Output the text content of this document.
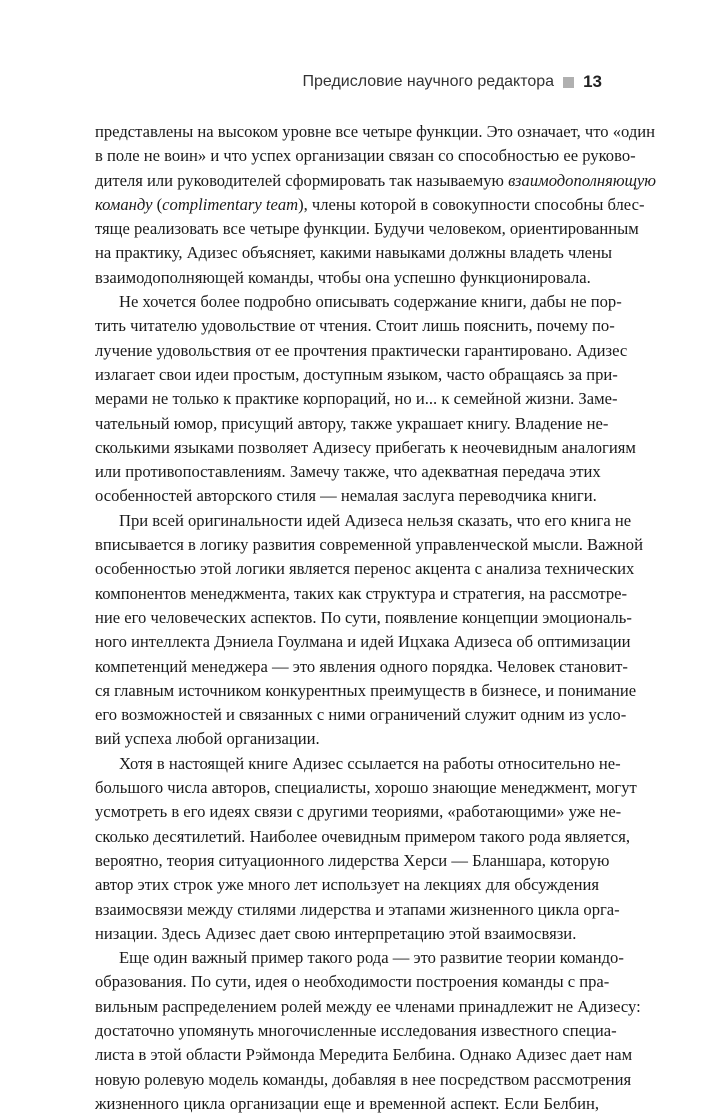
Предисловие научного редактора 13
представлены на высоком уровне все четыре функции. Это означает, что «один
в поле не воин» и что успех организации связан со способностью ее руково-
дителя или руководителей сформировать так называемую взаимодополняющую
команду (complimentary team), члены которой в совокупности способны блес-
тяще реализовать все четыре функции. Будучи человеком, ориентированным
на практику, Адизес объясняет, какими навыками должны владеть члены
взаимодополняющей команды, чтобы она успешно функционировала.
Не хочется более подробно описывать содержание книги, дабы не пор-
тить читателю удовольствие от чтения. Стоит лишь пояснить, почему по-
лучение удовольствия от ее прочтения практически гарантировано. Адизес
излагает свои идеи простым, доступным языком, часто обращаясь за при-
мерами не только к практике корпораций, но и... к семейной жизни. Заме-
чательный юмор, присущий автору, также украшает книгу. Владение не-
сколькими языками позволяет Адизесу прибегать к неочевидным аналогиям
или противопоставлениям. Замечу также, что адекватная передача этих
особенностей авторского стиля — немалая заслуга переводчика книги.
При всей оригинальности идей Адизеса нельзя сказать, что его книга не
вписывается в логику развития современной управленческой мысли. Важной
особенностью этой логики является перенос акцента с анализа технических
компонентов менеджмента, таких как структура и стратегия, на рассмотре-
ние его человеческих аспектов. По сути, появление концепции эмоциональ-
ного интеллекта Дэниела Гоулмана и идей Ицхака Адизеса об оптимизации
компетенций менеджера — это явления одного порядка. Человек становит-
ся главным источником конкурентных преимуществ в бизнесе, и понимание
его возможностей и связанных с ними ограничений служит одним из усло-
вий успеха любой организации.
Хотя в настоящей книге Адизес ссылается на работы относительно не-
большого числа авторов, специалисты, хорошо знающие менеджмент, могут
усмотреть в его идеях связи с другими теориями, «работающими» уже не-
сколько десятилетий. Наиболее очевидным примером такого рода является,
вероятно, теория ситуационного лидерства Херси — Бланшара, которую
автор этих строк уже много лет использует на лекциях для обсуждения
взаимосвязи между стилями лидерства и этапами жизненного цикла орга-
низации. Здесь Адизес дает свою интерпретацию этой взаимосвязи.
Еще один важный пример такого рода — это развитие теории командо-
образования. По сути, идея о необходимости построения команды с пра-
вильным распределением ролей между ее членами принадлежит не Адизесу:
достаточно упомянуть многочисленные исследования известного специа-
листа в этой области Рэймонда Мередита Белбина. Однако Адизес дает нам
новую ролевую модель команды, добавляя в нее посредством рассмотрения
жизненного цикла организации еще и временной аспект. Если Белбин,
